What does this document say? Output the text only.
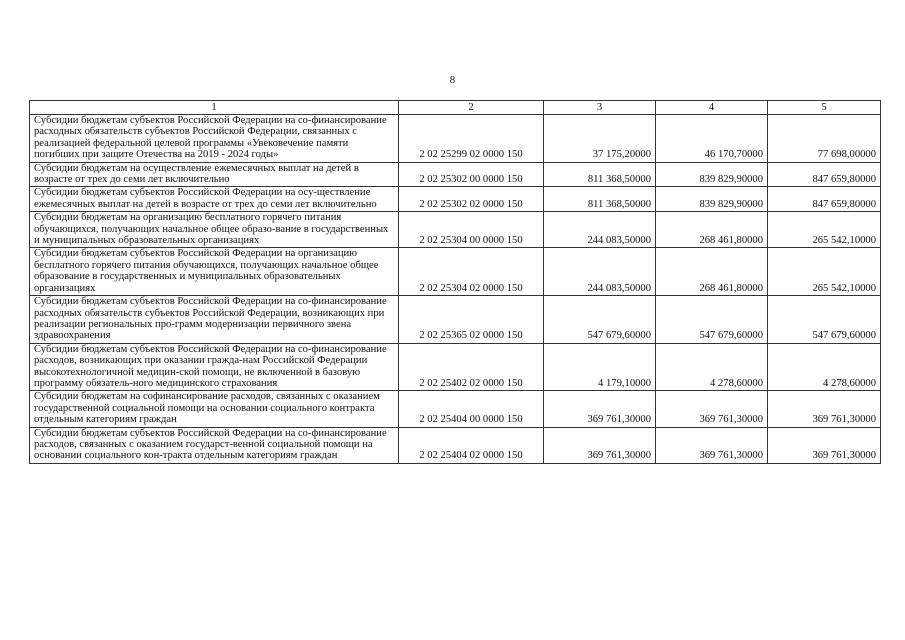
8
1	2	3	4	5
Субсидии бюджетам субъектов Российской Федерации на со-финансирование расходных обязательств субъектов Российской Федерации, связанных с реализацией федеральной целевой программы «Увековечение памяти погибших при защите Отечества на 2019 - 2024 годы»	2 02 25299 02 0000 150	37 175,20000	46 170,70000	77 698,00000
Субсидии бюджетам на осуществление ежемесячных выплат на детей в возрасте от трех до семи лет включительно	2 02 25302 00 0000 150	811 368,50000	839 829,90000	847 659,80000
Субсидии бюджетам субъектов Российской Федерации на осу-ществление ежемесячных выплат на детей в возрасте от трех до семи лет включительно	2 02 25302 02 0000 150	811 368,50000	839 829,90000	847 659,80000
Субсидии бюджетам на организацию бесплатного горячего питания обучающихся, получающих начальное общее образо-вание в государственных и муниципальных образовательных организациях	2 02 25304 00 0000 150	244 083,50000	268 461,80000	265 542,10000
Субсидии бюджетам субъектов Российской Федерации на организацию бесплатного горячего питания обучающихся, получающих начальное общее образование в государственных и муниципальных образовательных организациях	2 02 25304 02 0000 150	244 083,50000	268 461,80000	265 542,10000
Субсидии бюджетам субъектов Российской Федерации на со-финансирование расходных обязательств субъектов Российской Федерации, возникающих при реализации региональных про-грамм модернизации первичного звена здравоохранения	2 02 25365 02 0000 150	547 679,60000	547 679,60000	547 679,60000
Субсидии бюджетам субъектов Российской Федерации на со-финансирование расходов, возникающих при оказании гражда-нам Российской Федерации высокотехнологичной медицин-ской помощи, не включенной в базовую программу обязатель-ного медицинского страхования	2 02 25402 02 0000 150	4 179,10000	4 278,60000	4 278,60000
Субсидии бюджетам на софинансирование расходов, связанных с оказанием государственной социальной помощи на основании социального контракта отдельным категориям граждан	2 02 25404 00 0000 150	369 761,30000	369 761,30000	369 761,30000
Субсидии бюджетам субъектов Российской Федерации на со-финансирование расходов, связанных с оказанием государст-венной социальной помощи на основании социального кон-тракта отдельным категориям граждан	2 02 25404 02 0000 150	369 761,30000	369 761,30000	369 761,30000
